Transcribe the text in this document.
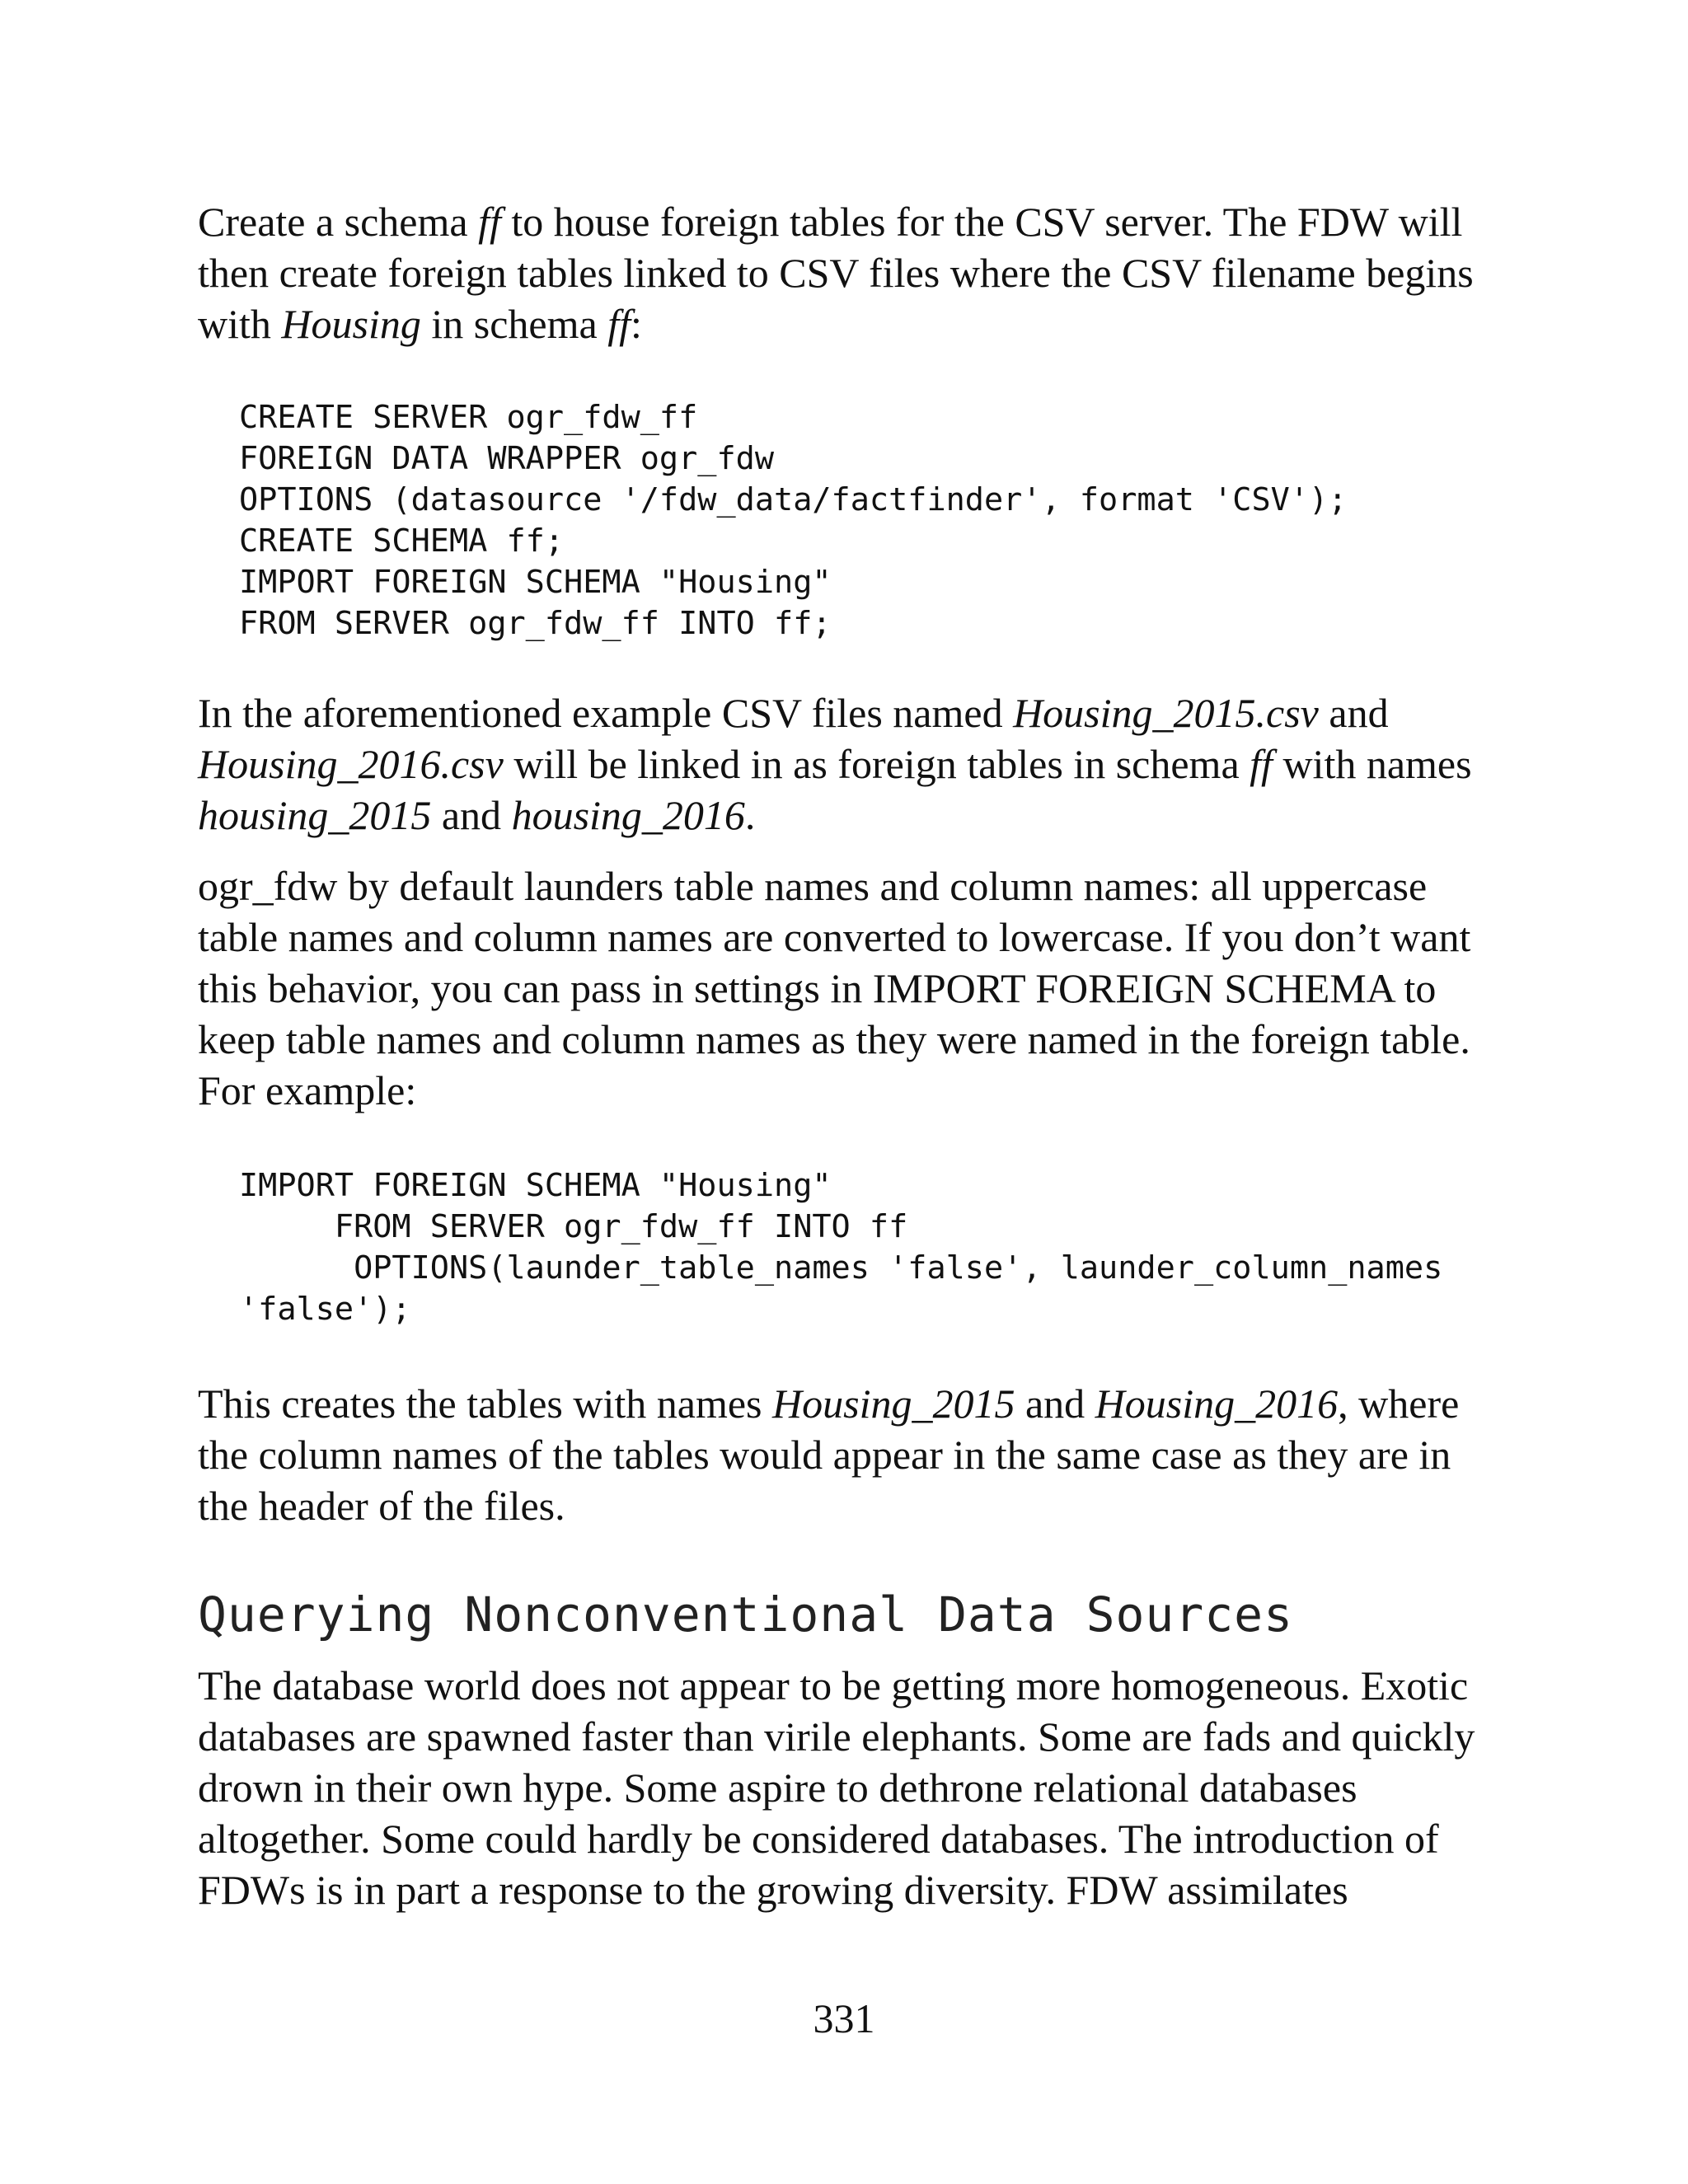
Create a schema ff to house foreign tables for the CSV server. The FDW will
then create foreign tables linked to CSV files where the CSV filename begins
with Housing in schema ff:

CREATE SERVER ogr_fdw_ff
FOREIGN DATA WRAPPER ogr_fdw
OPTIONS (datasource '/fdw_data/factfinder', format 'CSV');
CREATE SCHEMA ff;
IMPORT FOREIGN SCHEMA "Housing"
FROM SERVER ogr_fdw_ff INTO ff;

In the aforementioned example CSV files named Housing_2015.csv and
Housing_2016.csv will be linked in as foreign tables in schema ff with names
housing_2015 and housing_2016.

ogr_fdw by default launders table names and column names: all uppercase
table names and column names are converted to lowercase. If you don’t want
this behavior, you can pass in settings in IMPORT FOREIGN SCHEMA to
keep table names and column names as they were named in the foreign table.
For example:

IMPORT FOREIGN SCHEMA "Housing"
FROM SERVER ogr_fdw_ff INTO ff
OPTIONS(launder_table_names 'false', launder_column_names
'false');

This creates the tables with names Housing_2015 and Housing_2016, where
the column names of the tables would appear in the same case as they are in
the header of the files.

Querying Nonconventional Data Sources

The database world does not appear to be getting more homogeneous. Exotic
databases are spawned faster than virile elephants. Some are fads and quickly
drown in their own hype. Some aspire to dethrone relational databases
altogether. Some could hardly be considered databases. The introduction of
FDWs is in part a response to the growing diversity. FDW assimilates

331
